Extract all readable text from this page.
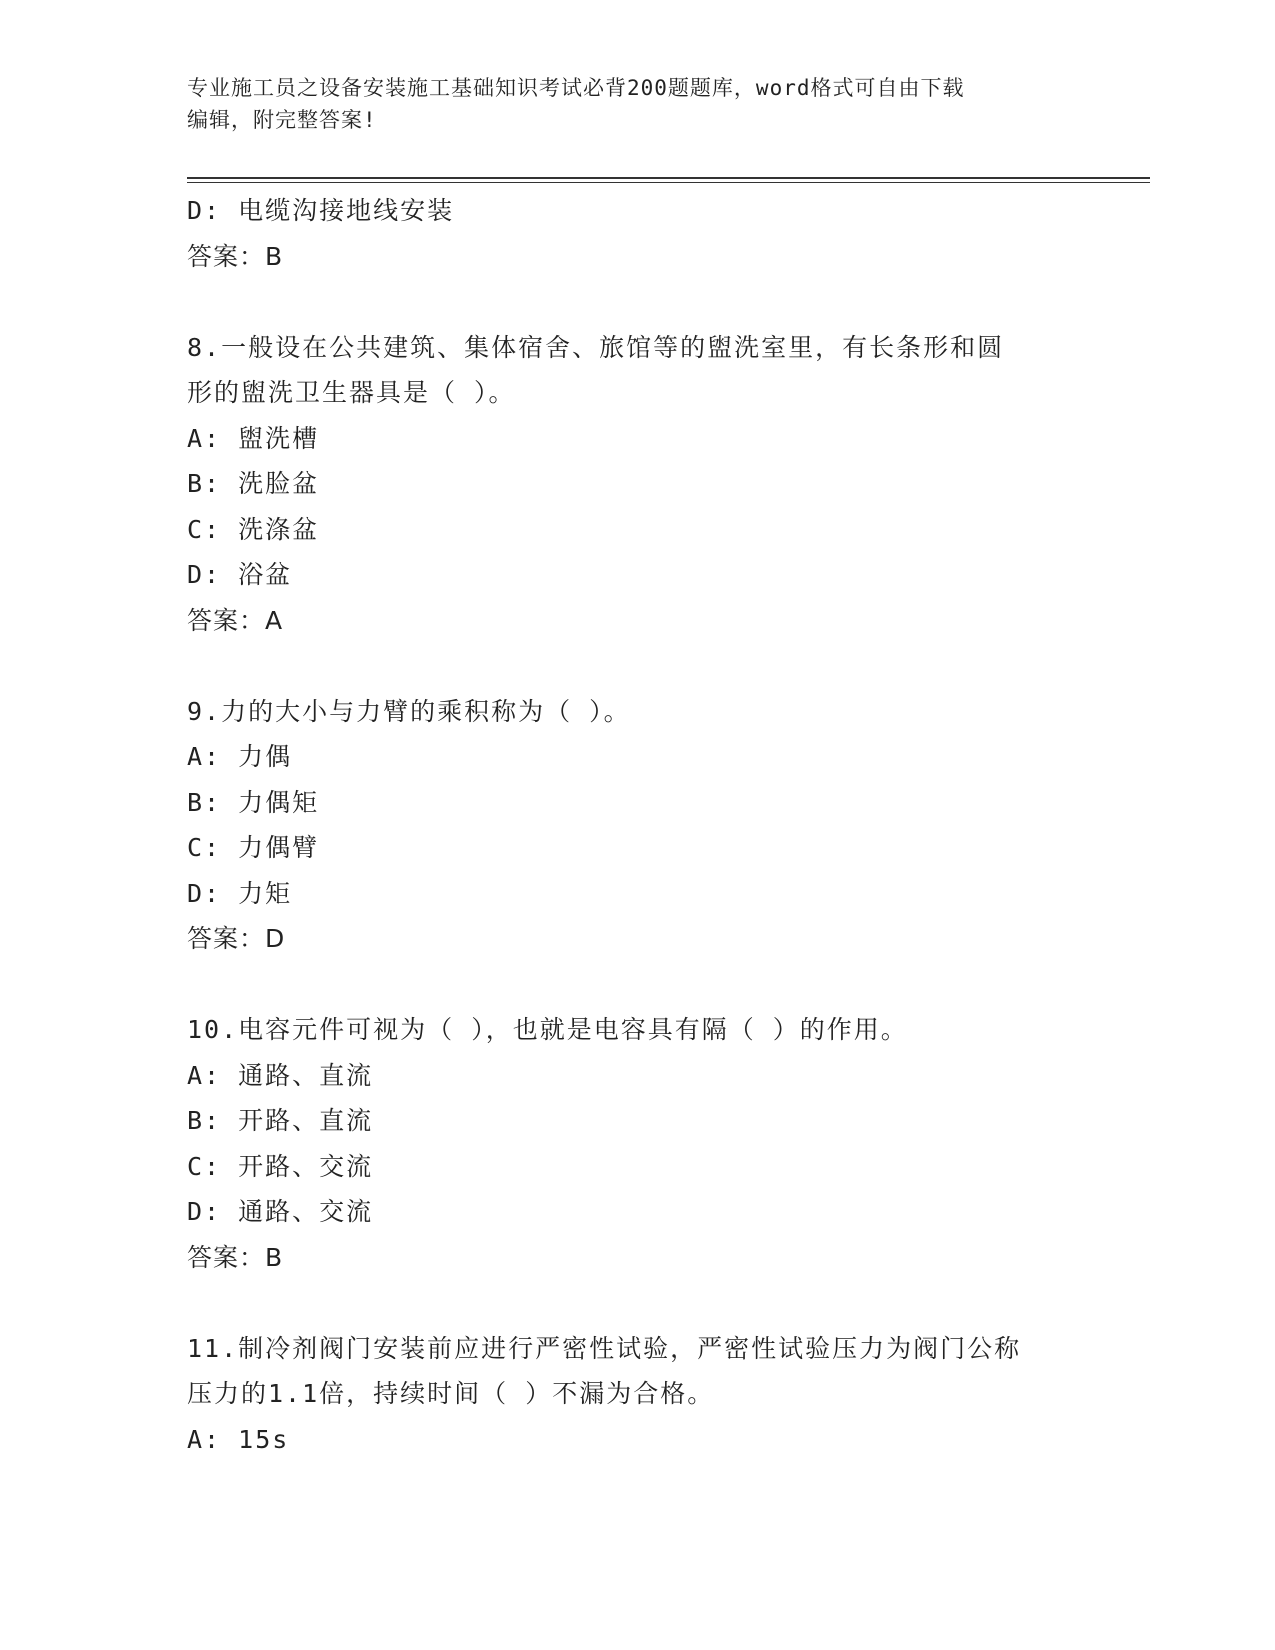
专业施工员之设备安装施工基础知识考试必背200题题库，word格式可自由下载
编辑，附完整答案!
D: 电缆沟接地线安装
答案：B
8.一般设在公共建筑、集体宿舍、旅馆等的盥洗室里，有长条形和圆
形的盥洗卫生器具是（ ）。
A: 盥洗槽
B: 洗脸盆
C: 洗涤盆
D: 浴盆
答案：A
9.力的大小与力臂的乘积称为（ ）。
A: 力偶
B: 力偶矩
C: 力偶臂
D: 力矩
答案：D
10.电容元件可视为（ ），也就是电容具有隔（ ）的作用。
A: 通路、直流
B: 开路、直流
C: 开路、交流
D: 通路、交流
答案：B
11.制冷剂阀门安装前应进行严密性试验，严密性试验压力为阀门公称
压力的1.1倍，持续时间（ ）不漏为合格。
A: 15s
